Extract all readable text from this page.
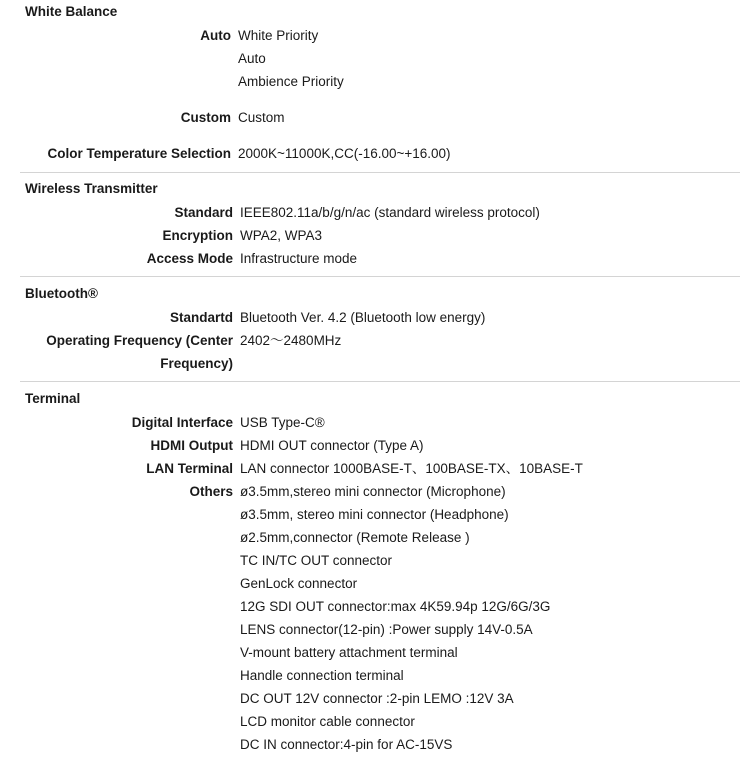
White Balance
Auto White Priority
Auto
Ambience Priority
Custom Custom
Color Temperature Selection 2000K~11000K,CC(-16.00~+16.00)
Wireless Transmitter
Standard IEEE802.11a/b/g/n/ac (standard wireless protocol)
Encryption WPA2, WPA3
Access Mode Infrastructure mode
Bluetooth®
Standartd Bluetooth Ver. 4.2 (Bluetooth low energy)
Operating Frequency (Center
Frequency)
2402〜2480MHz
Terminal
Digital Interface USB Type-C®
HDMI Output HDMI OUT connector (Type A)
LAN Terminal LAN connector 1000BASE-T、100BASE-TX、10BASE-T
Others ø3.5mm,stereo mini connector (Microphone)
ø3.5mm, stereo mini connector (Headphone)
ø2.5mm,connector (Remote Release )
TC IN/TC OUT connector
GenLock connector
12G SDI OUT connector:max 4K59.94p 12G/6G/3G
LENS connector(12-pin) :Power supply 14V-0.5A
V-mount battery attachment terminal
Handle connection terminal
DC OUT 12V connector :2-pin LEMO :12V 3A
LCD monitor cable connector
DC IN connector:4-pin for AC-15VS
